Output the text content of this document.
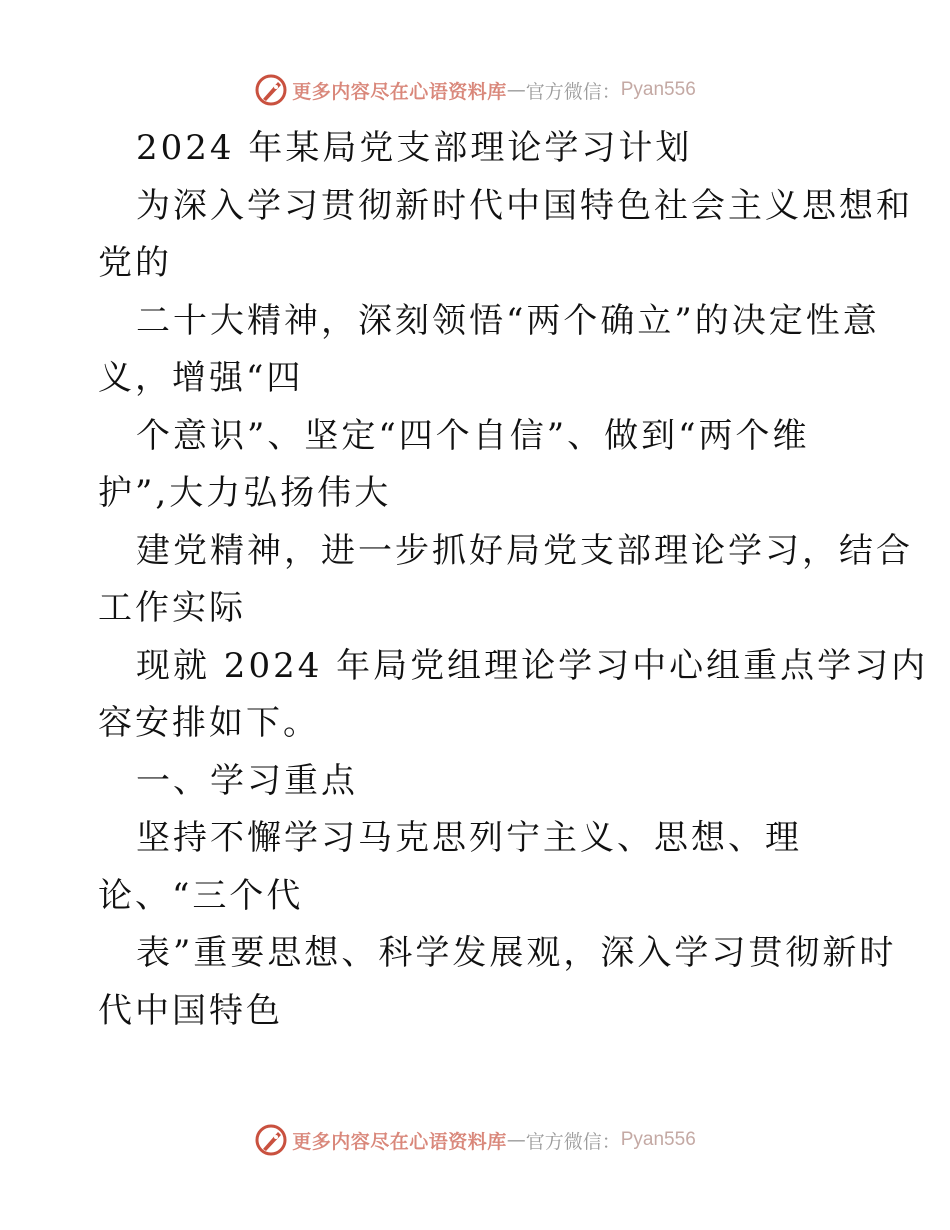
更多内容尽在心语资料库 — 官方微信： Pyan556
2024 年某局党支部理论学习计划
为深入学习贯彻新时代中国特色社会主义思想和
党的
二十大精神，深刻领悟“两个确立”的决定性意
义，增强“四
个意识”、坚定“四个自信”、做到“两个维
护”,大力弘扬伟大
建党精神，进一步抓好局党支部理论学习，结合
工作实际
现就 2024 年局党组理论学习中心组重点学习内
容安排如下。
一、学习重点
坚持不懈学习马克思列宁主义、思想、理
论、“三个代
表”重要思想、科学发展观，深入学习贯彻新时
代中国特色
更多内容尽在心语资料库 — 官方微信： Pyan556
